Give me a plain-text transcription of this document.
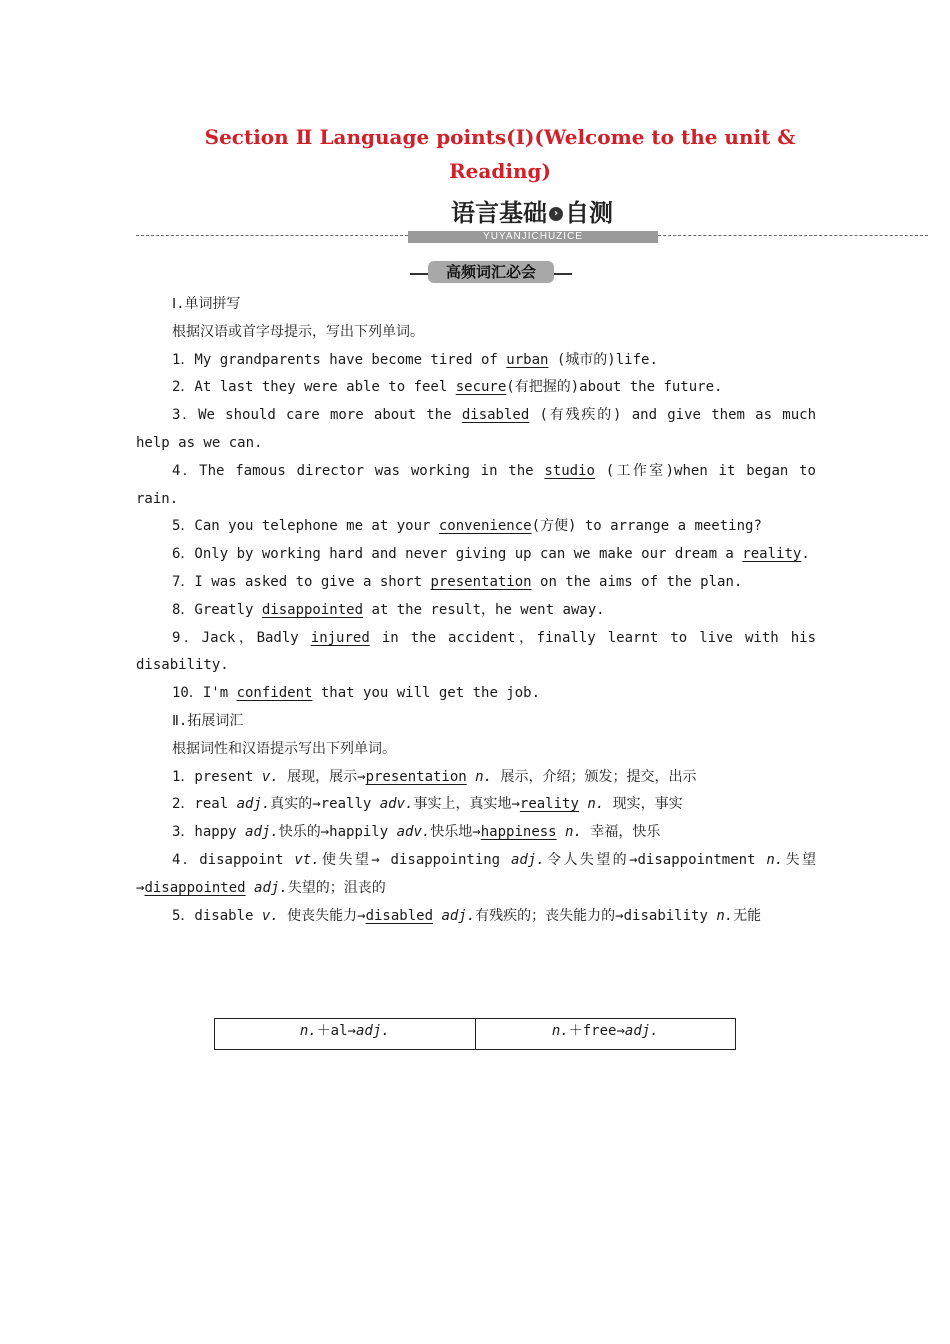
Section Ⅱ Language points(Ⅰ)(Welcome to the unit &
Reading)
语言基础 › 自测
YUYANJICHUZICE
高频词汇必会

Ⅰ.单词拼写

根据汉语或首字母提示，写出下列单词。

1．My grandparents have become tired of urban (城市的)life.

2．At last they were able to feel secure(有把握的)about the future.

3．We should care more about the disabled (有残疾的) and give them as much help as we can.

4．The famous director was working in the studio (工作室)when it began to rain.

5．Can you telephone me at your convenience(方便) to arrange a meeting?

6．Only by working hard and never giving up can we make our dream a reality.

7．I was asked to give a short presentation on the aims of the plan.

8．Greatly disappointed at the result，he went away.

9．Jack，Badly injured in the accident，finally learnt to live with his disability.

10．I'm confident that you will get the job.

Ⅱ.拓展词汇

根据词性和汉语提示写出下列单词。

1．present v. 展现，展示→presentation n. 展示，介绍；颁发；提交，出示

2．real adj.真实的→really adv.事实上，真实地→reality n. 现实，事实

3．happy adj.快乐的→happily adv.快乐地→happiness n. 幸福，快乐

4．disappoint vt.使失望→ disappointing adj.令人失望的→disappointment n.失望→disappointed adj.失望的；沮丧的

5．disable v. 使丧失能力→disabled adj.有残疾的；丧失能力的→disability n.无能

n.＋al→adj.	n.＋free→adj.
